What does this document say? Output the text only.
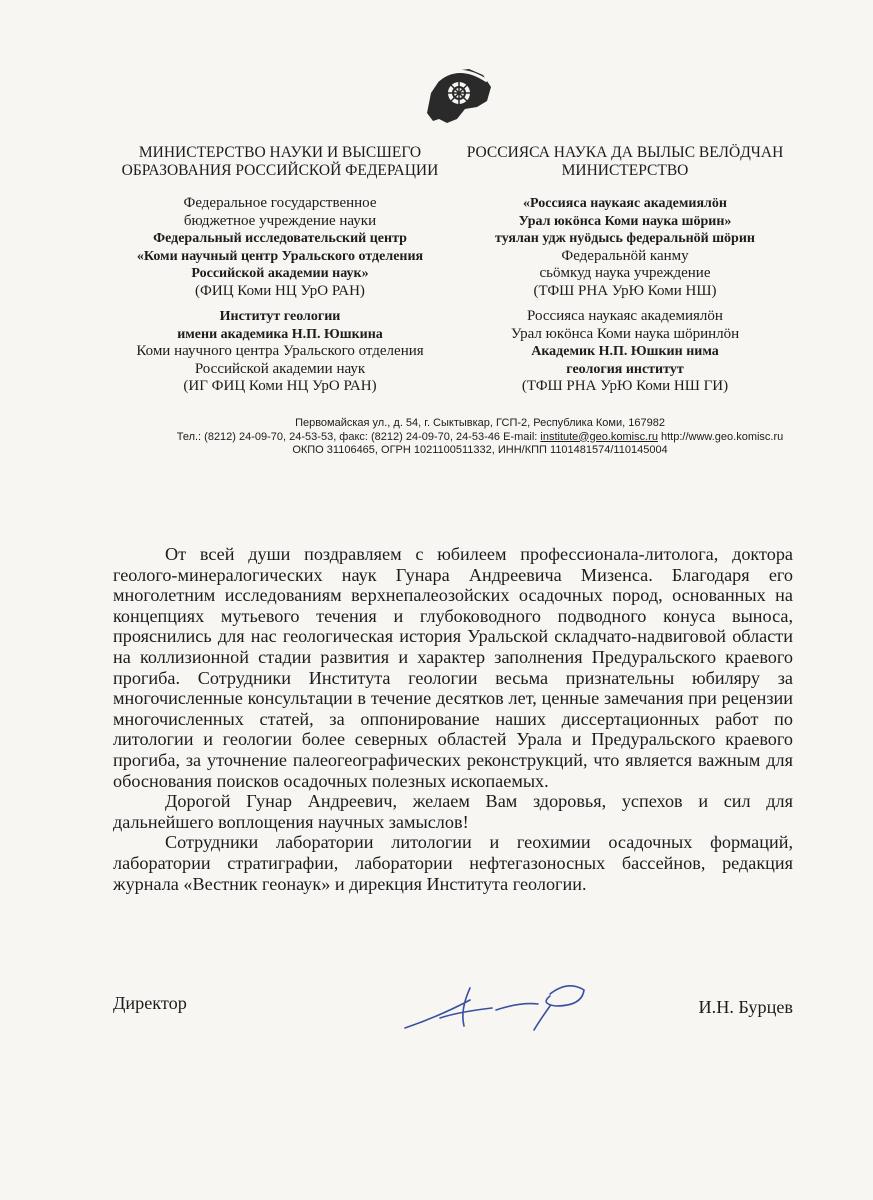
МИНИСТЕРСТВО НАУКИ И ВЫСШЕГО ОБРАЗОВАНИЯ РОССИЙСКОЙ ФЕДЕРАЦИИ
Федеральное государственное
бюджетное учреждение науки
Федеральный исследовательский центр
«Коми научный центр Уральского отделения
Российской академии наук»
(ФИЦ Коми НЦ УрО РАН)
Институт геологии
имени академика Н.П. Юшкина
Коми научного центра Уральского отделения
Российской академии наук
(ИГ ФИЦ Коми НЦ УрО РАН)
РОССИЯСА НАУКА ДА ВЫЛЫС ВЕЛÖДЧАН МИНИСТЕРСТВО
«Россияса наукаяс академиялöн
Урал юкöнса Коми наука шöрин»
туялан удж нуöдысь федеральнöй шöрин
Федеральнöй канму
сьöмкуд наука учреждение
(ТФШ РНА УрЮ Коми НШ)
Россияса наукаяс академиялöн
Урал юкöнса Коми наука шöринлöн
Академик Н.П. Юшкин нима
геология институт
(ТФШ РНА УрЮ Коми НШ ГИ)
Первомайская ул., д. 54, г. Сыктывкар, ГСП-2, Республика Коми, 167982
Тел.: (8212) 24-09-70, 24-53-53, факс: (8212) 24-09-70, 24-53-46 E-mail: institute@geo.komisc.ru http://www.geo.komisc.ru
ОКПО 31106465, ОГРН 1021100511332, ИНН/КПП 1101481574/110145004

От всей души поздравляем с юбилеем профессионала-литолога, доктора геолого-минералогических наук Гунара Андреевича Мизенса. Благодаря его многолетним исследованиям верхнепалеозойских осадочных пород, основанных на концепциях мутьевого течения и глубоководного подводного конуса выноса, прояснились для нас геологическая история Уральской складчато-надвиговой области на коллизионной стадии развития и характер заполнения Предуральского краевого прогиба. Сотрудники Института геологии весьма признательны юбиляру за многочисленные консультации в течение десятков лет, ценные замечания при рецензии многочисленных статей, за оппонирование наших диссертационных работ по литологии и геологии более северных областей Урала и Предуральского краевого прогиба, за уточнение палеогеографических реконструкций, что является важным для обоснования поисков осадочных полезных ископаемых.

Дорогой Гунар Андреевич, желаем Вам здоровья, успехов и сил для дальнейшего воплощения научных замыслов!

Сотрудники лаборатории литологии и геохимии осадочных формаций, лаборатории стратиграфии, лаборатории нефтегазоносных бассейнов, редакция журнала «Вестник геонаук» и дирекция Института геологии.

Директор	И.Н. Бурцев
